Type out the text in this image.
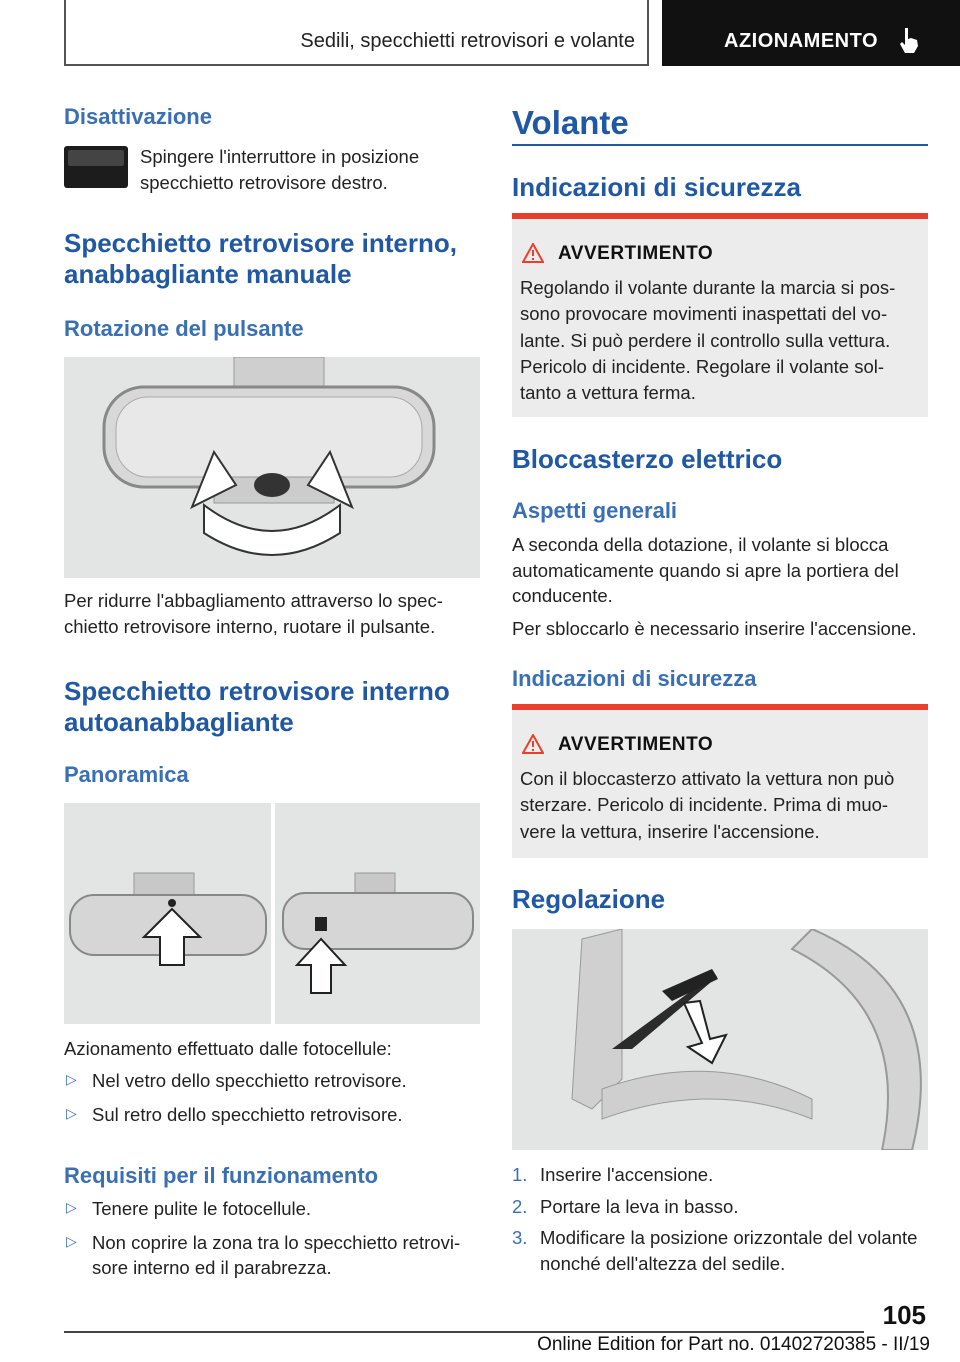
Sedili, specchietti retrovisori e volante	AZIONAMENTO
Disattivazione

Spingere l'interruttore in posizione specchietto retrovisore destro.

Specchietto retrovisore interno, anabbagliante manuale
Rotazione del pulsante

Per ridurre l'abbagliamento attraverso lo spec- chietto retrovisore interno, ruotare il pulsante.

Specchietto retrovisore interno autoanabbagliante
Panoramica

Azionamento effettuato dalle fotocellule:

▷ Nel vetro dello specchietto retrovisore.
▷ Sul retro dello specchietto retrovisore.
Requisiti per il funzionamento
▷ Tenere pulite le fotocellule.
▷ Non coprire la zona tra lo specchietto retrovi- sore interno ed il parabrezza.
Volante
Indicazioni di sicurezza
AVVERTIMENTO
Regolando il volante durante la marcia si pos- sono provocare movimenti inaspettati del vo- lante. Si può perdere il controllo sulla vettura. Pericolo di incidente. Regolare il volante sol- tanto a vettura ferma.
Bloccasterzo elettrico
Aspetti generali

A seconda della dotazione, il volante si blocca automaticamente quando si apre la portiera del conducente.

Per sbloccarlo è necessario inserire l'accensione.

Indicazioni di sicurezza
AVVERTIMENTO
Con il bloccasterzo attivato la vettura non può sterzare. Pericolo di incidente. Prima di muo- vere la vettura, inserire l'accensione.
Regolazione
1. Inserire l'accensione.
2. Portare la leva in basso.
3. Modificare la posizione orizzontale del volante nonché dell'altezza del sedile.
105
Online Edition for Part no. 01402720385 - II/19
